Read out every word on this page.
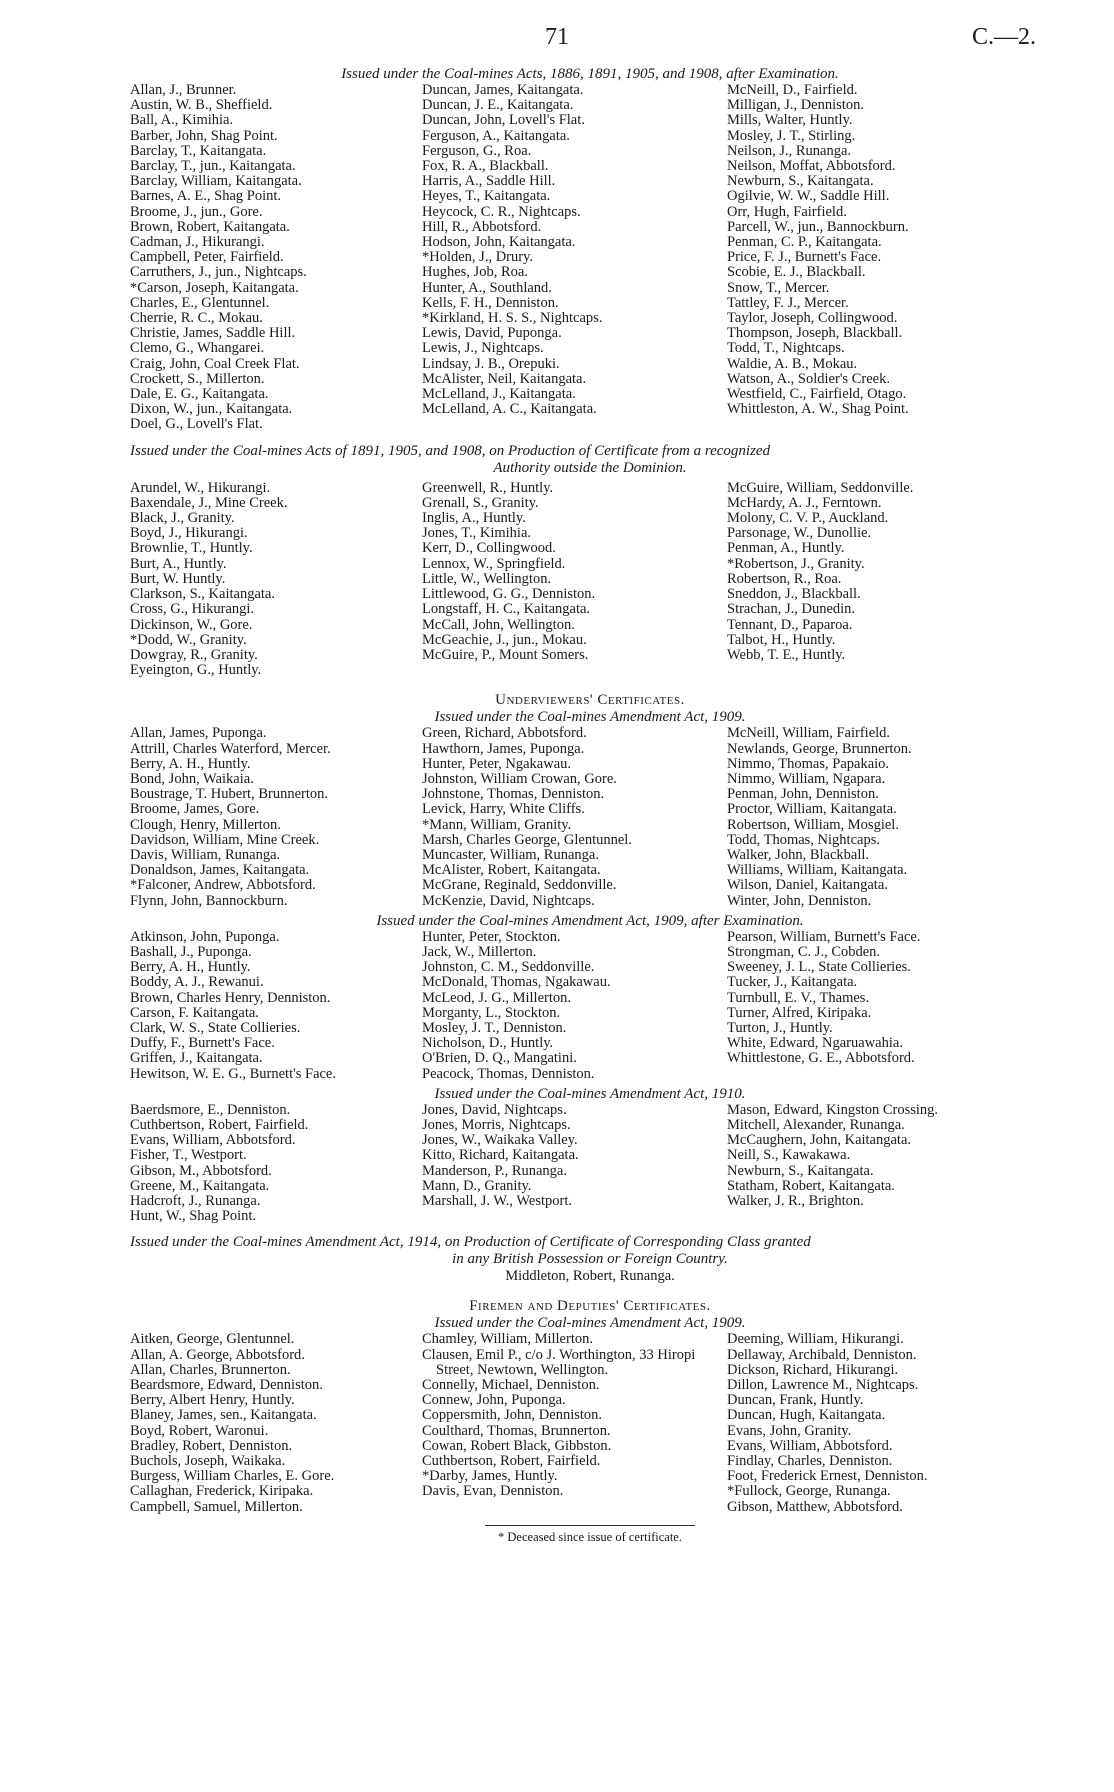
71	C.—2.

Issued under the Coal-mines Acts, 1886, 1891, 1905, and 1908, after Examination.

Allan, J., Brunner.
Austin, W. B., Sheffield.
Ball, A., Kimihia.
Barber, John, Shag Point.
Barclay, T., Kaitangata.
Barclay, T., jun., Kaitangata.
Barclay, William, Kaitangata.
Barnes, A. E., Shag Point.
Broome, J., jun., Gore.
Brown, Robert, Kaitangata.
Cadman, J., Hikurangi.
Campbell, Peter, Fairfield.
Carruthers, J., jun., Nightcaps.
*Carson, Joseph, Kaitangata.
Charles, E., Glentunnel.
Cherrie, R. C., Mokau.
Christie, James, Saddle Hill.
Clemo, G., Whangarei.
Craig, John, Coal Creek Flat.
Crockett, S., Millerton.
Dale, E. G., Kaitangata.
Dixon, W., jun., Kaitangata.
Doel, G., Lovell's Flat.
Duncan, James, Kaitangata.
Duncan, J. E., Kaitangata.
Duncan, John, Lovell's Flat.
Ferguson, A., Kaitangata.
Ferguson, G., Roa.
Fox, R. A., Blackball.
Harris, A., Saddle Hill.
Heyes, T., Kaitangata.
Heycock, C. R., Nightcaps.
Hill, R., Abbotsford.
Hodson, John, Kaitangata.
*Holden, J., Drury.
Hughes, Job, Roa.
Hunter, A., Southland.
Kells, F. H., Denniston.
*Kirkland, H. S. S., Nightcaps.
Lewis, David, Puponga.
Lewis, J., Nightcaps.
Lindsay, J. B., Orepuki.
McAlister, Neil, Kaitangata.
McLelland, J., Kaitangata.
McLelland, A. C., Kaitangata.
McNeill, D., Fairfield.
Milligan, J., Denniston.
Mills, Walter, Huntly.
Mosley, J. T., Stirling.
Neilson, J., Runanga.
Neilson, Moffat, Abbotsford.
Newburn, S., Kaitangata.
Ogilvie, W. W., Saddle Hill.
Orr, Hugh, Fairfield.
Parcell, W., jun., Bannockburn.
Penman, C. P., Kaitangata.
Price, F. J., Burnett's Face.
Scobie, E. J., Blackball.
Snow, T., Mercer.
Tattley, F. J., Mercer.
Taylor, Joseph, Collingwood.
Thompson, Joseph, Blackball.
Todd, T., Nightcaps.
Waldie, A. B., Mokau.
Watson, A., Soldier's Creek.
Westfield, C., Fairfield, Otago.
Whittleston, A. W., Shag Point.

Issued under the Coal-mines Acts of 1891, 1905, and 1908, on Production of Certificate from a recognized
Authority outside the Dominion.

Arundel, W., Hikurangi.
Baxendale, J., Mine Creek.
Black, J., Granity.
Boyd, J., Hikurangi.
Brownlie, T., Huntly.
Burt, A., Huntly.
Burt, W. Huntly.
Clarkson, S., Kaitangata.
Cross, G., Hikurangi.
Dickinson, W., Gore.
*Dodd, W., Granity.
Dowgray, R., Granity.
Eyeington, G., Huntly.
Greenwell, R., Huntly.
Grenall, S., Granity.
Inglis, A., Huntly.
Jones, T., Kimihia.
Kerr, D., Collingwood.
Lennox, W., Springfield.
Little, W., Wellington.
Littlewood, G. G., Denniston.
Longstaff, H. C., Kaitangata.
McCall, John, Wellington.
McGeachie, J., jun., Mokau.
McGuire, P., Mount Somers.
McGuire, William, Seddonville.
McHardy, A. J., Ferntown.
Molony, C. V. P., Auckland.
Parsonage, W., Dunollie.
Penman, A., Huntly.
*Robertson, J., Granity.
Robertson, R., Roa.
Sneddon, J., Blackball.
Strachan, J., Dunedin.
Tennant, D., Paparoa.
Talbot, H., Huntly.
Webb, T. E., Huntly.

Underviewers' Certificates.

Issued under the Coal-mines Amendment Act, 1909.

Allan, James, Puponga.
Attrill, Charles Waterford, Mercer.
Berry, A. H., Huntly.
Bond, John, Waikaia.
Boustrage, T. Hubert, Brunnerton.
Broome, James, Gore.
Clough, Henry, Millerton.
Davidson, William, Mine Creek.
Davis, William, Runanga.
Donaldson, James, Kaitangata.
*Falconer, Andrew, Abbotsford.
Flynn, John, Bannockburn.
Green, Richard, Abbotsford.
Hawthorn, James, Puponga.
Hunter, Peter, Ngakawau.
Johnston, William Crowan, Gore.
Johnstone, Thomas, Denniston.
Levick, Harry, White Cliffs.
*Mann, William, Granity.
Marsh, Charles George, Glentunnel.
Muncaster, William, Runanga.
McAlister, Robert, Kaitangata.
McGrane, Reginald, Seddonville.
McKenzie, David, Nightcaps.
McNeill, William, Fairfield.
Newlands, George, Brunnerton.
Nimmo, Thomas, Papakaio.
Nimmo, William, Ngapara.
Penman, John, Denniston.
Proctor, William, Kaitangata.
Robertson, William, Mosgiel.
Todd, Thomas, Nightcaps.
Walker, John, Blackball.
Williams, William, Kaitangata.
Wilson, Daniel, Kaitangata.
Winter, John, Denniston.

Issued under the Coal-mines Amendment Act, 1909, after Examination.

Atkinson, John, Puponga.
Bashall, J., Puponga.
Berry, A. H., Huntly.
Boddy, A. J., Rewanui.
Brown, Charles Henry, Denniston.
Carson, F. Kaitangata.
Clark, W. S., State Collieries.
Duffy, F., Burnett's Face.
Griffen, J., Kaitangata.
Hewitson, W. E. G., Burnett's Face.
Hunter, Peter, Stockton.
Jack, W., Millerton.
Johnston, C. M., Seddonville.
McDonald, Thomas, Ngakawau.
McLeod, J. G., Millerton.
Morganty, L., Stockton.
Mosley, J. T., Denniston.
Nicholson, D., Huntly.
O'Brien, D. Q., Mangatini.
Peacock, Thomas, Denniston.
Pearson, William, Burnett's Face.
Strongman, C. J., Cobden.
Sweeney, J. L., State Collieries.
Tucker, J., Kaitangata.
Turnbull, E. V., Thames.
Turner, Alfred, Kiripaka.
Turton, J., Huntly.
White, Edward, Ngaruawahia.
Whittlestone, G. E., Abbotsford.

Issued under the Coal-mines Amendment Act, 1910.

Baerdsmore, E., Denniston.
Cuthbertson, Robert, Fairfield.
Evans, William, Abbotsford.
Fisher, T., Westport.
Gibson, M., Abbotsford.
Greene, M., Kaitangata.
Hadcroft, J., Runanga.
Hunt, W., Shag Point.
Jones, David, Nightcaps.
Jones, Morris, Nightcaps.
Jones, W., Waikaka Valley.
Kitto, Richard, Kaitangata.
Manderson, P., Runanga.
Mann, D., Granity.
Marshall, J. W., Westport.
Mason, Edward, Kingston Crossing.
Mitchell, Alexander, Runanga.
McCaughern, John, Kaitangata.
Neill, S., Kawakawa.
Newburn, S., Kaitangata.
Statham, Robert, Kaitangata.
Walker, J. R., Brighton.

Issued under the Coal-mines Amendment Act, 1914, on Production of Certificate of Corresponding Class granted
in any British Possession or Foreign Country.

Middleton, Robert, Runanga.

Firemen and Deputies' Certificates.

Issued under the Coal-mines Amendment Act, 1909.

Aitken, George, Glentunnel.
Allan, A. George, Abbotsford.
Allan, Charles, Brunnerton.
Beardsmore, Edward, Denniston.
Berry, Albert Henry, Huntly.
Blaney, James, sen., Kaitangata.
Boyd, Robert, Waronui.
Bradley, Robert, Denniston.
Buchols, Joseph, Waikaka.
Burgess, William Charles, E. Gore.
Callaghan, Frederick, Kiripaka.
Campbell, Samuel, Millerton.
Chamley, William, Millerton.
Clausen, Emil P., c/o J. Worthington, 33 Hiropi Street, Newtown, Wellington.
Connelly, Michael, Denniston.
Connew, John, Puponga.
Coppersmith, John, Denniston.
Coulthard, Thomas, Brunnerton.
Cowan, Robert Black, Gibbston.
Cuthbertson, Robert, Fairfield.
*Darby, James, Huntly.
Davis, Evan, Denniston.
Deeming, William, Hikurangi.
Dellaway, Archibald, Denniston.
Dickson, Richard, Hikurangi.
Dillon, Lawrence M., Nightcaps.
Duncan, Frank, Huntly.
Duncan, Hugh, Kaitangata.
Evans, John, Granity.
Evans, William, Abbotsford.
Findlay, Charles, Denniston.
Foot, Frederick Ernest, Denniston.
*Fullock, George, Runanga.
Gibson, Matthew, Abbotsford.
* Deceased since issue of certificate.
